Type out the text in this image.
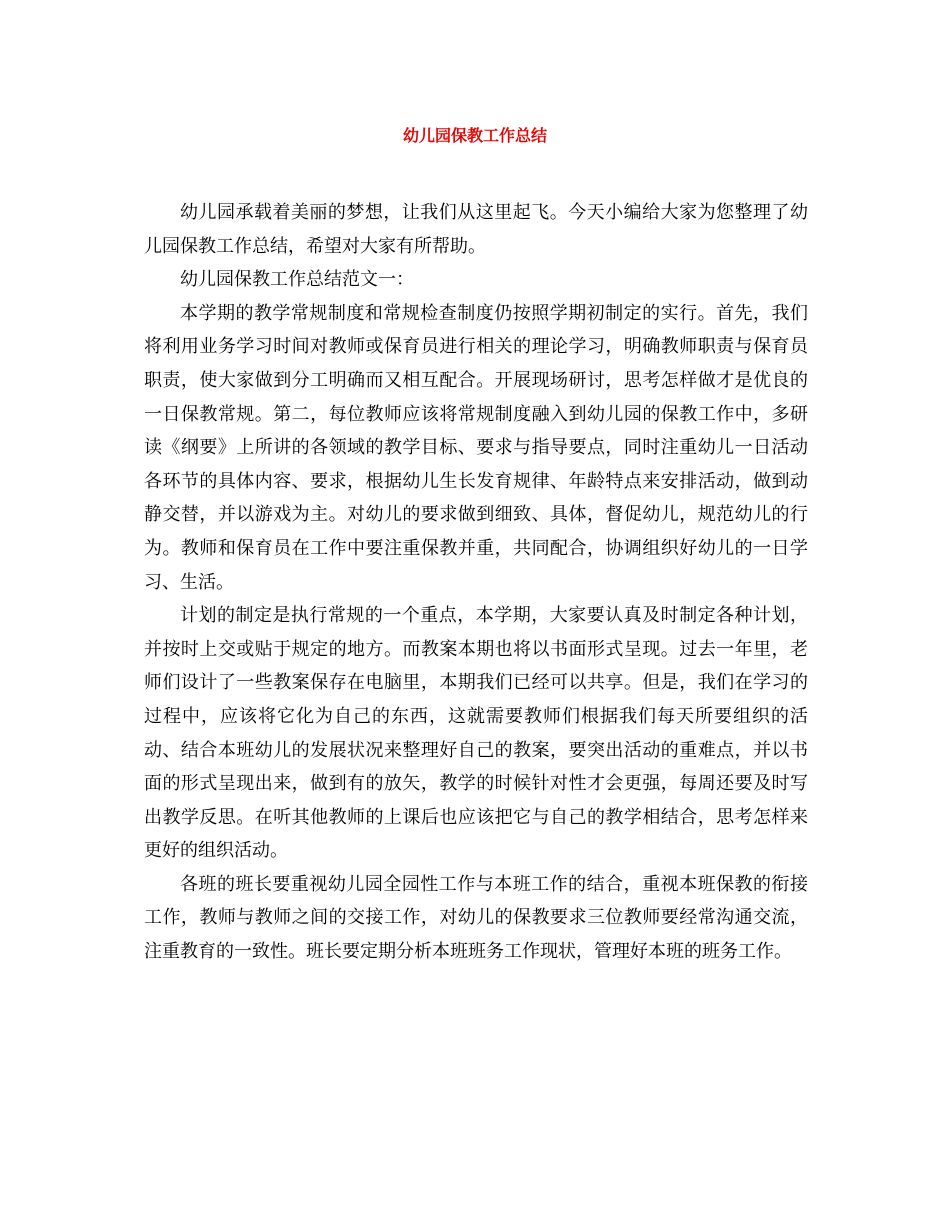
幼儿园保教工作总结

幼儿园承载着美丽的梦想，让我们从这里起飞。今天小编给大家为您整理了幼儿园保教工作总结，希望对大家有所帮助。

幼儿园保教工作总结范文一：

本学期的教学常规制度和常规检查制度仍按照学期初制定的实行。首先，我们将利用业务学习时间对教师或保育员进行相关的理论学习，明确教师职责与保育员职责，使大家做到分工明确而又相互配合。开展现场研讨，思考怎样做才是优良的一日保教常规。第二，每位教师应该将常规制度融入到幼儿园的保教工作中，多研读《纲要》上所讲的各领域的教学目标、要求与指导要点，同时注重幼儿一日活动各环节的具体内容、要求，根据幼儿生长发育规律、年龄特点来安排活动，做到动静交替，并以游戏为主。对幼儿的要求做到细致、具体，督促幼儿，规范幼儿的行为。教师和保育员在工作中要注重保教并重，共同配合，协调组织好幼儿的一日学习、生活。

计划的制定是执行常规的一个重点，本学期，大家要认真及时制定各种计划，并按时上交或贴于规定的地方。而教案本期也将以书面形式呈现。过去一年里，老师们设计了一些教案保存在电脑里，本期我们已经可以共享。但是，我们在学习的过程中，应该将它化为自己的东西，这就需要教师们根据我们每天所要组织的活动、结合本班幼儿的发展状况来整理好自己的教案，要突出活动的重难点，并以书面的形式呈现出来，做到有的放矢，教学的时候针对性才会更强，每周还要及时写出教学反思。在听其他教师的上课后也应该把它与自己的教学相结合，思考怎样来更好的组织活动。

各班的班长要重视幼儿园全园性工作与本班工作的结合，重视本班保教的衔接工作，教师与教师之间的交接工作，对幼儿的保教要求三位教师要经常沟通交流，注重教育的一致性。班长要定期分析本班班务工作现状，管理好本班的班务工作。
